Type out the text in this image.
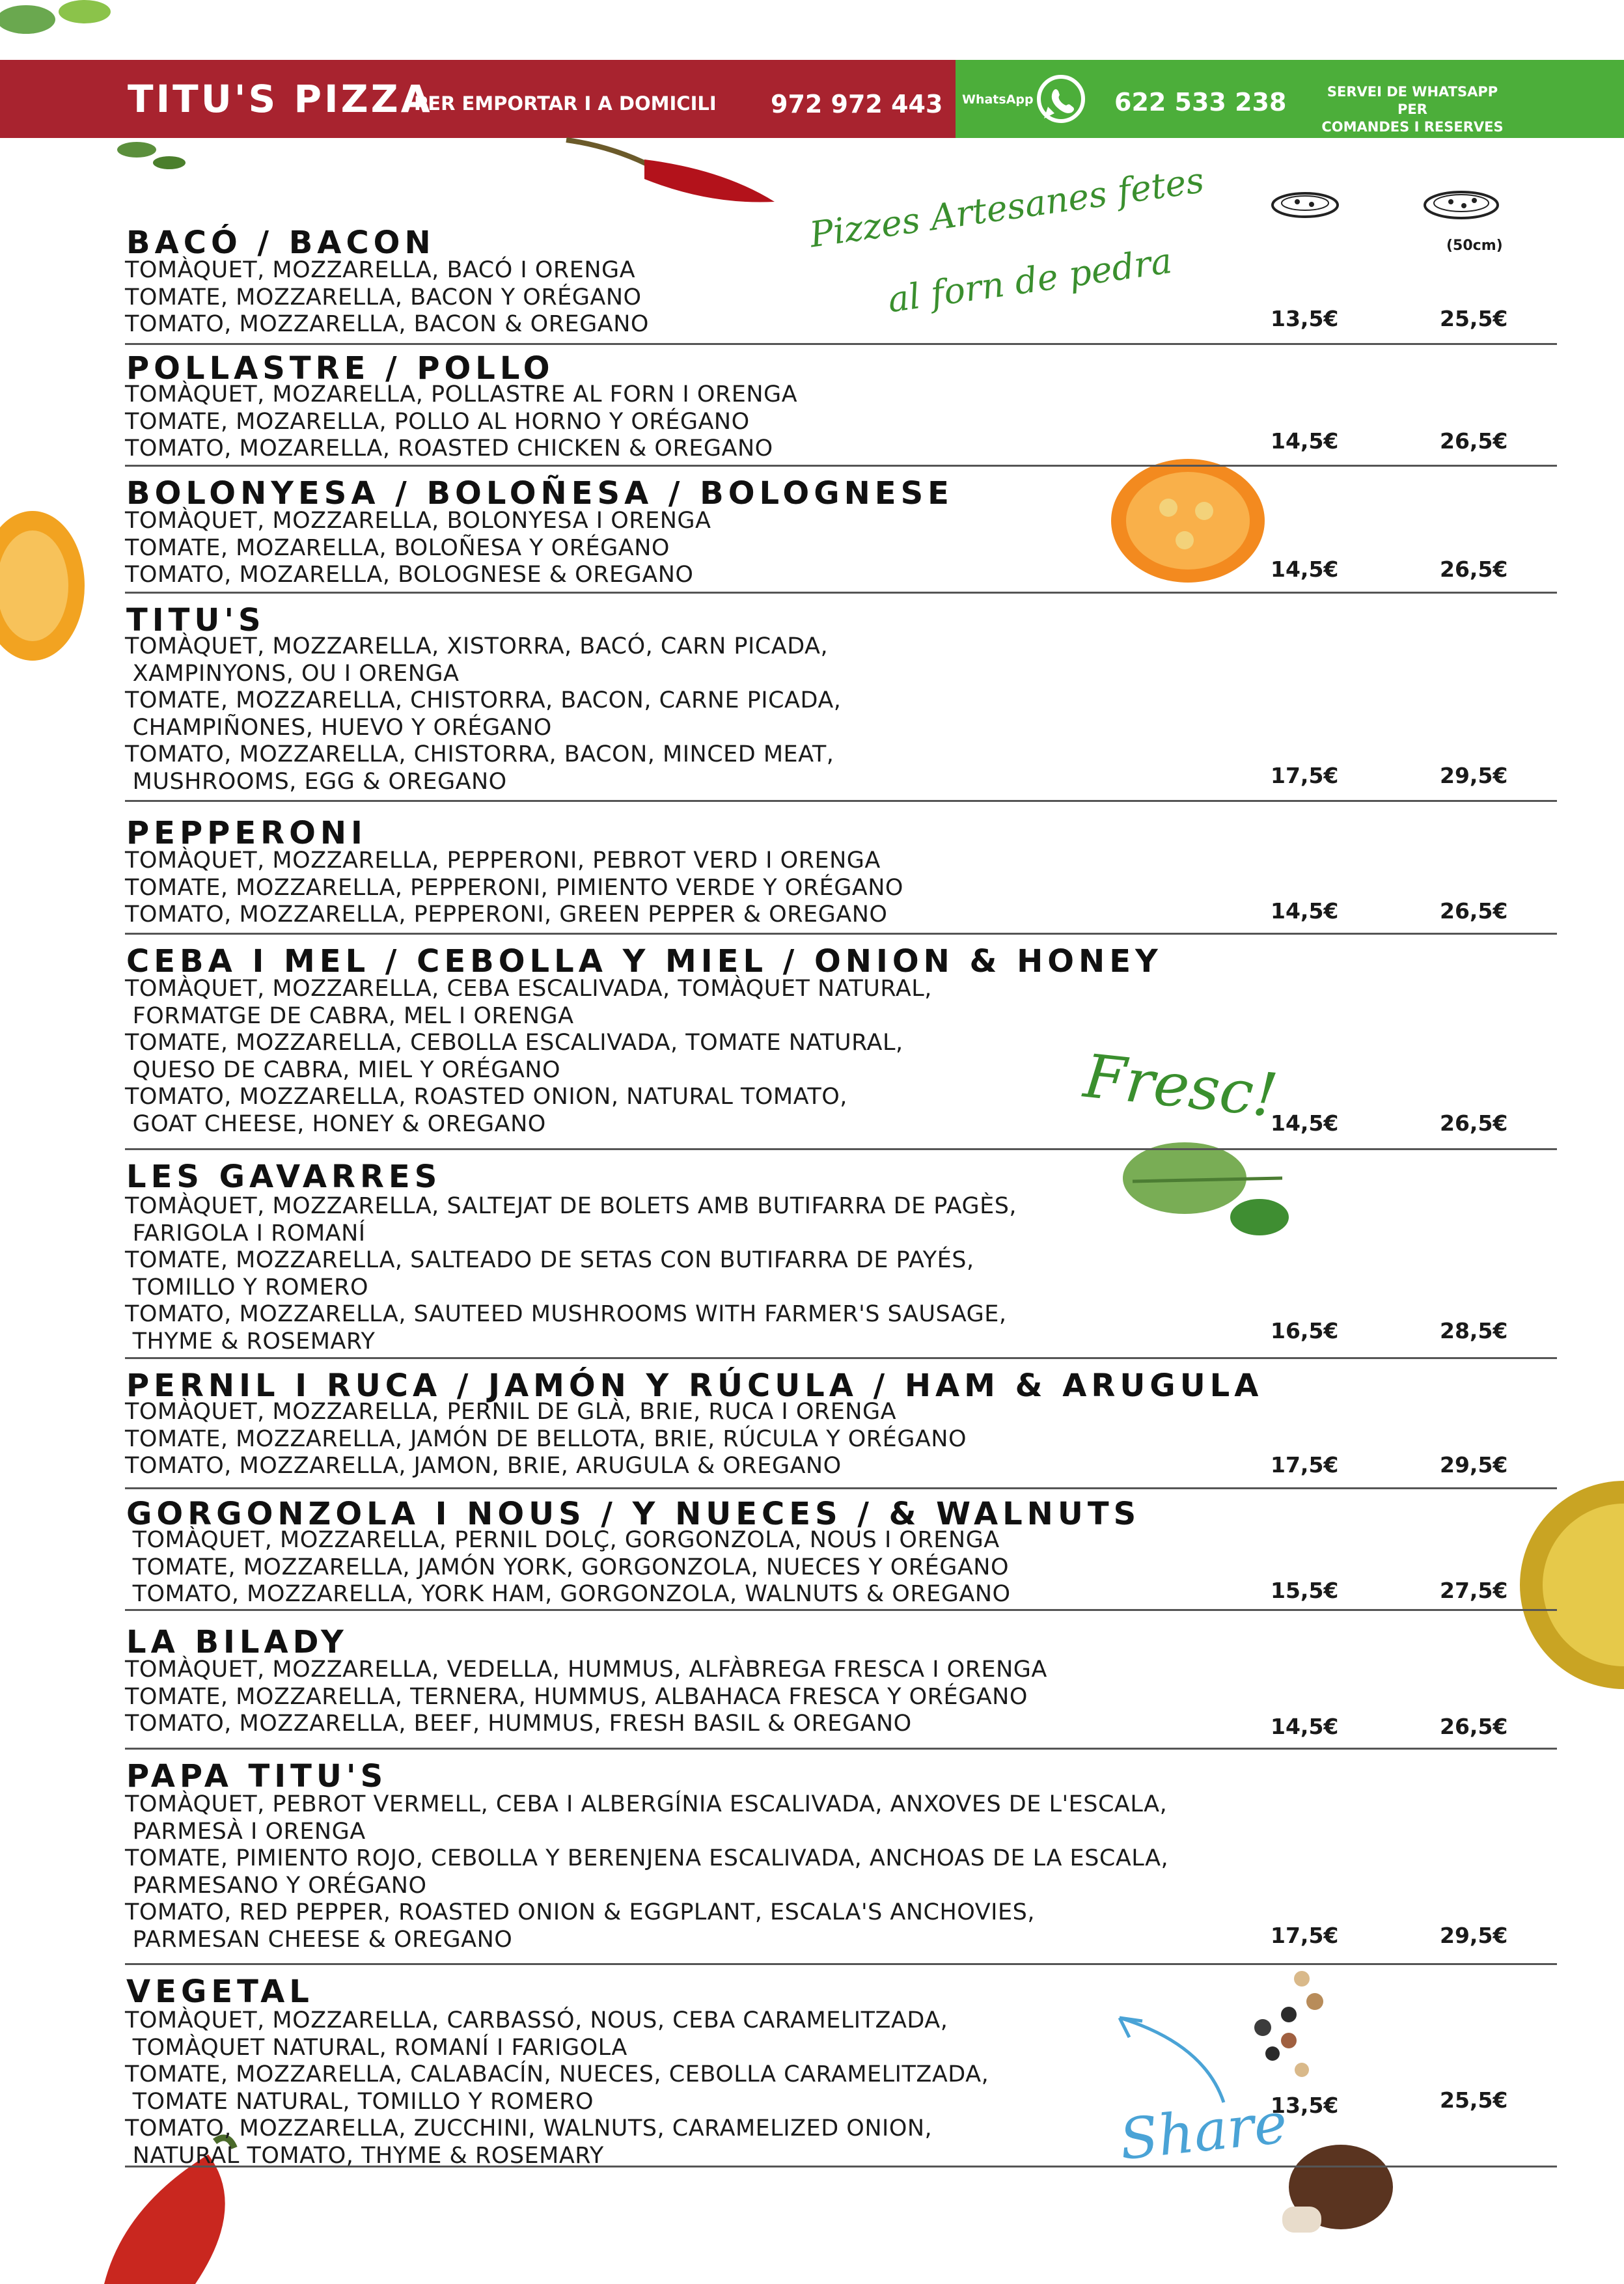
TITU'S PIZZA
PER EMPORTAR I A DOMICILI 972 972 443 WhatsApp	622 533 238	SERVEI DE WHATSAPP PER
COMANDES I RESERVES
Pizzes Artesanes fetes
al forn de pedra
Fresc!
Share
(50cm)
BACÓ / BACON
TOMÀQUET, MOZZARELLA, BACÓ I ORENGA
TOMATE, MOZZARELLA, BACON Y ORÉGANO
TOMATO, MOZZARELLA, BACON & OREGANO	13,5€	25,5€
POLLASTRE / POLLO
TOMÀQUET, MOZARELLA, POLLASTRE AL FORN I ORENGA
TOMATE, MOZARELLA, POLLO AL HORNO Y ORÉGANO
TOMATO, MOZARELLA, ROASTED CHICKEN & OREGANO	14,5€	26,5€
BOLONYESA / BOLOÑESA / BOLOGNESE
TOMÀQUET, MOZZARELLA, BOLONYESA I ORENGA
TOMATE, MOZARELLA, BOLOÑESA Y ORÉGANO
TOMATO, MOZARELLA, BOLOGNESE & OREGANO	14,5€	26,5€
TITU'S
TOMÀQUET, MOZZARELLA, XISTORRA, BACÓ, CARN PICADA,
XAMPINYONS, OU I ORENGA
TOMATE, MOZZARELLA, CHISTORRA, BACON, CARNE PICADA,
CHAMPIÑONES, HUEVO Y ORÉGANO
TOMATO, MOZZARELLA, CHISTORRA, BACON, MINCED MEAT,
MUSHROOMS, EGG & OREGANO	17,5€	29,5€
PEPPERONI
TOMÀQUET, MOZZARELLA, PEPPERONI, PEBROT VERD I ORENGA
TOMATE, MOZZARELLA, PEPPERONI, PIMIENTO VERDE Y ORÉGANO
TOMATO, MOZZARELLA, PEPPERONI, GREEN PEPPER & OREGANO	14,5€	26,5€
CEBA I MEL / CEBOLLA Y MIEL / ONION & HONEY
TOMÀQUET, MOZZARELLA, CEBA ESCALIVADA, TOMÀQUET NATURAL,
FORMATGE DE CABRA, MEL I ORENGA
TOMATE, MOZZARELLA, CEBOLLA ESCALIVADA, TOMATE NATURAL,
QUESO DE CABRA, MIEL Y ORÉGANO
TOMATO, MOZZARELLA, ROASTED ONION, NATURAL TOMATO,
GOAT CHEESE, HONEY & OREGANO	14,5€	26,5€
LES GAVARRES
TOMÀQUET, MOZZARELLA, SALTEJAT DE BOLETS AMB BUTIFARRA DE PAGÈS,
FARIGOLA I ROMANÍ
TOMATE, MOZZARELLA, SALTEADO DE SETAS CON BUTIFARRA DE PAYÉS,
TOMILLO Y ROMERO
TOMATO, MOZZARELLA, SAUTEED MUSHROOMS WITH FARMER'S SAUSAGE,
THYME & ROSEMARY	16,5€	28,5€
PERNIL I RUCA / JAMÓN Y RÚCULA / HAM & ARUGULA
TOMÀQUET, MOZZARELLA, PERNIL DE GLÀ, BRIE, RUCA I ORENGA
TOMATE, MOZZARELLA, JAMÓN DE BELLOTA, BRIE, RÚCULA Y ORÉGANO
TOMATO, MOZZARELLA, JAMON, BRIE, ARUGULA & OREGANO	17,5€	29,5€
GORGONZOLA I NOUS / Y NUECES / & WALNUTS
TOMÀQUET, MOZZARELLA, PERNIL DOLÇ, GORGONZOLA, NOUS I ORENGA
TOMATE, MOZZARELLA, JAMÓN YORK, GORGONZOLA, NUECES Y ORÉGANO
TOMATO, MOZZARELLA, YORK HAM, GORGONZOLA, WALNUTS & OREGANO	15,5€	27,5€
LA BILADY
TOMÀQUET, MOZZARELLA, VEDELLA, HUMMUS, ALFÀBREGA FRESCA I ORENGA
TOMATE, MOZZARELLA, TERNERA, HUMMUS, ALBAHACA FRESCA Y ORÉGANO
TOMATO, MOZZARELLA, BEEF, HUMMUS, FRESH BASIL & OREGANO	14,5€	26,5€
PAPA TITU'S
TOMÀQUET, PEBROT VERMELL, CEBA I ALBERGÍNIA ESCALIVADA, ANXOVES DE L'ESCALA,
PARMESÀ I ORENGA
TOMATE, PIMIENTO ROJO, CEBOLLA Y BERENJENA ESCALIVADA, ANCHOAS DE LA ESCALA,
PARMESANO Y ORÉGANO
TOMATO, RED PEPPER, ROASTED ONION & EGGPLANT, ESCALA'S ANCHOVIES,
PARMESAN CHEESE & OREGANO	17,5€	29,5€
VEGETAL
TOMÀQUET, MOZZARELLA, CARBASSÓ, NOUS, CEBA CARAMELITZADA,
TOMÀQUET NATURAL, ROMANÍ I FARIGOLA
TOMATE, MOZZARELLA, CALABACÍN, NUECES, CEBOLLA CARAMELITZADA,
TOMATE NATURAL, TOMILLO Y ROMERO
TOMATO, MOZZARELLA, ZUCCHINI, WALNUTS, CARAMELIZED ONION,
NATURAL TOMATO, THYME & ROSEMARY
13,5€	25,5€
